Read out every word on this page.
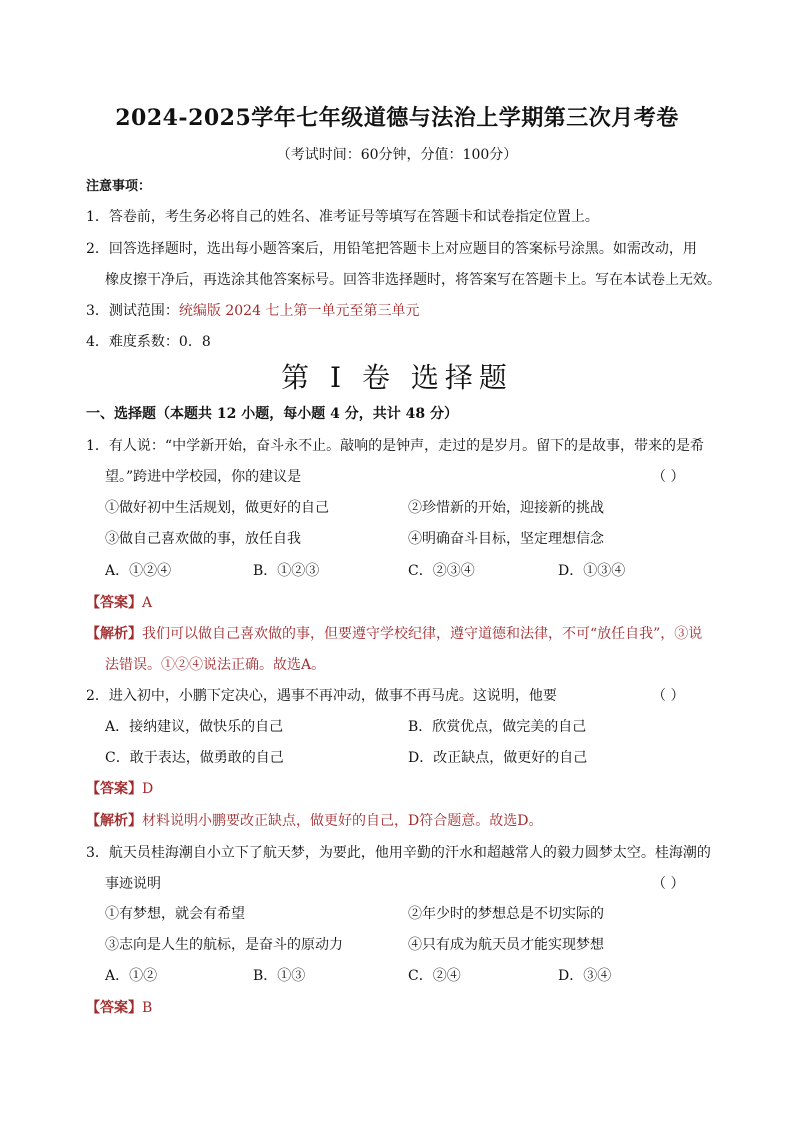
2024-2025学年七年级道德与法治上学期第三次月考卷
（考试时间：60分钟，分值：100分）
注意事项：
1．答卷前，考生务必将自己的姓名、准考证号等填写在答题卡和试卷指定位置上。
2．回答选择题时，选出每小题答案后，用铅笔把答题卡上对应题目的答案标号涂黑。如需改动，用
橡皮擦干净后，再选涂其他答案标号。回答非选择题时，将答案写在答题卡上。写在本试卷上无效。
3．测试范围：统编版 2024 七上第一单元至第三单元
4．难度系数：0．8
第 I 卷 选择题
一、选择题（本题共 12 小题，每小题 4 分，共计 48 分）
1．有人说：“中学新开始，奋斗永不止。敲响的是钟声，走过的是岁月。留下的是故事，带来的是希
望。”跨进中学校园，你的建议是	（ ）
①做好初中生活规划，做更好的自己	②珍惜新的开始，迎接新的挑战
③做自己喜欢做的事，放任自我	④明确奋斗目标，坚定理想信念
A．①②④	B．①②③	C．②③④	D．①③④
【答案】A
【解析】我们可以做自己喜欢做的事，但要遵守学校纪律，遵守道德和法律，不可“放任自我”，③说
法错误。①②④说法正确。故选A。
2．进入初中，小鹏下定决心，遇事不再冲动，做事不再马虎。这说明，他要	（ ）
A．接纳建议，做快乐的自己	B．欣赏优点，做完美的自己
C．敢于表达，做勇敢的自己	D．改正缺点，做更好的自己
【答案】D
【解析】材料说明小鹏要改正缺点，做更好的自己，D符合题意。故选D。
3．航天员桂海潮自小立下了航天梦，为要此，他用辛勤的汗水和超越常人的毅力圆梦太空。桂海潮的
事迹说明	（ ）
①有梦想，就会有希望	②年少时的梦想总是不切实际的
③志向是人生的航标，是奋斗的原动力	④只有成为航天员才能实现梦想
A．①②	B．①③	C．②④	D．③④
【答案】B
